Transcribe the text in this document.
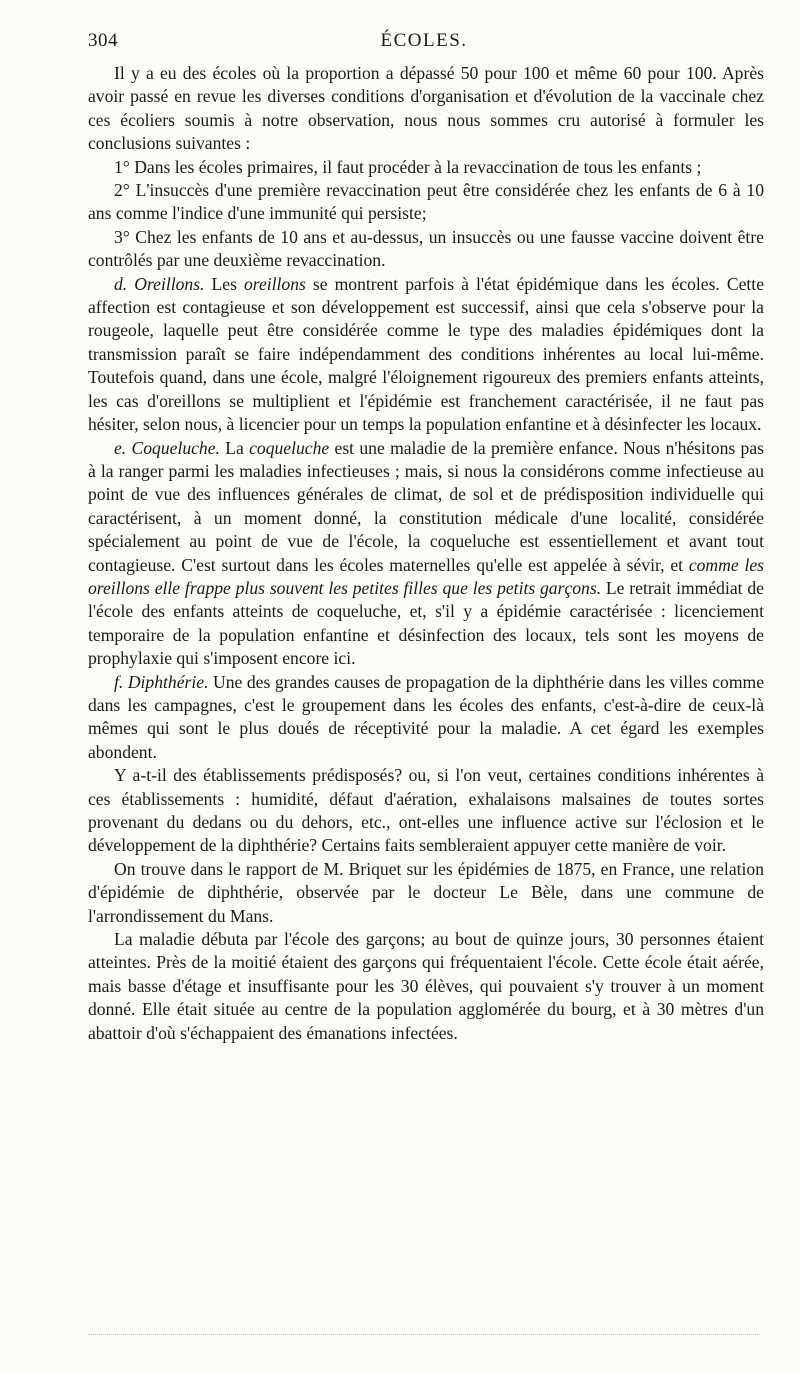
304	ÉCOLES.

Il y a eu des écoles où la proportion a dépassé 50 pour 100 et même 60 pour 100. Après avoir passé en revue les diverses conditions d'organisation et d'évolution de la vaccinale chez ces écoliers soumis à notre observation, nous nous sommes cru autorisé à formuler les conclusions suivantes :

1° Dans les écoles primaires, il faut procéder à la revaccination de tous les enfants ;

2° L'insuccès d'une première revaccination peut être considérée chez les enfants de 6 à 10 ans comme l'indice d'une immunité qui persiste;

3° Chez les enfants de 10 ans et au-dessus, un insuccès ou une fausse vaccine doivent être contrôlés par une deuxième revaccination.

d. Oreillons. Les oreillons se montrent parfois à l'état épidémique dans les écoles. Cette affection est contagieuse et son développement est successif, ainsi que cela s'observe pour la rougeole, laquelle peut être considérée comme le type des maladies épidémiques dont la transmission paraît se faire indépendamment des conditions inhérentes au local lui-même. Toutefois quand, dans une école, malgré l'éloignement rigoureux des premiers enfants atteints, les cas d'oreillons se multiplient et l'épidémie est franchement caractérisée, il ne faut pas hésiter, selon nous, à licencier pour un temps la population enfantine et à désinfecter les locaux.

e. Coqueluche. La coqueluche est une maladie de la première enfance. Nous n'hésitons pas à la ranger parmi les maladies infectieuses ; mais, si nous la considérons comme infectieuse au point de vue des influences générales de climat, de sol et de prédisposition individuelle qui caractérisent, à un moment donné, la constitution médicale d'une localité, considérée spécialement au point de vue de l'école, la coqueluche est essentiellement et avant tout contagieuse. C'est surtout dans les écoles maternelles qu'elle est appelée à sévir, et comme les oreillons elle frappe plus souvent les petites filles que les petits garçons. Le retrait immédiat de l'école des enfants atteints de coqueluche, et, s'il y a épidémie caractérisée : licenciement temporaire de la population enfantine et désinfection des locaux, tels sont les moyens de prophylaxie qui s'imposent encore ici.

f. Diphthérie. Une des grandes causes de propagation de la diphthérie dans les villes comme dans les campagnes, c'est le groupement dans les écoles des enfants, c'est-à-dire de ceux-là mêmes qui sont le plus doués de réceptivité pour la maladie. A cet égard les exemples abondent.

Y a-t-il des établissements prédisposés? ou, si l'on veut, certaines conditions inhérentes à ces établissements : humidité, défaut d'aération, exhalaisons malsaines de toutes sortes provenant du dedans ou du dehors, etc., ont-elles une influence active sur l'éclosion et le développement de la diphthérie? Certains faits sembleraient appuyer cette manière de voir.

On trouve dans le rapport de M. Briquet sur les épidémies de 1875, en France, une relation d'épidémie de diphthérie, observée par le docteur Le Bèle, dans une commune de l'arrondissement du Mans.

La maladie débuta par l'école des garçons; au bout de quinze jours, 30 personnes étaient atteintes. Près de la moitié étaient des garçons qui fréquentaient l'école. Cette école était aérée, mais basse d'étage et insuffisante pour les 30 élèves, qui pouvaient s'y trouver à un moment donné. Elle était située au centre de la population agglomérée du bourg, et à 30 mètres d'un abattoir d'où s'échappaient des émanations infectées.
